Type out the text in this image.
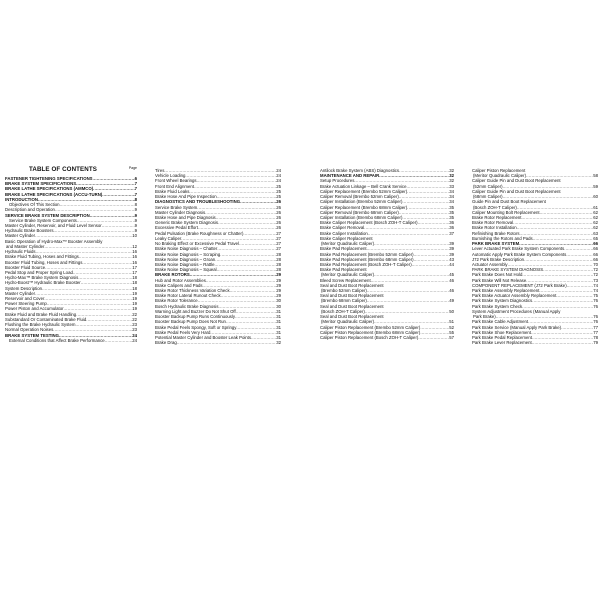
TABLE OF CONTENTS	Page
FASTENER TIGHTENING SPECIFICATIONS .....	6
BRAKE SYSTEM SPECIFICATIONS .....	7
BRAKE LATHE SPECIFICATIONS (AMMCO) .....	7
BRAKE LATHE SPECIFICATIONS (ACCU-TURN) .....	7
INTRODUCTION .....	8
Objectives Of This Section .....	8
Description and Operation .....	9
SERVICE BRAKE SYSTEM DESCRIPTION .....	9
Service Brake System Components .....	9
Master Cylinder, Reservoir, and Fluid Level Sensor .....	9
Hydraulic Brake Boosters .....	9
Master Cylinder .....	10
Basic Operation of Hydro-Max™ Booster Assembly
and Master Cylinder .....	12
Hydraulic Fluids .....	16
Brake Fluid Tubing, Hoses and Fittings .....	16
Booster Fluid Tubing, Hoses and Fittings .....	16
Booster Fluid Source .....	17
Pedal Stop and Proper Spring Load .....	17
Hydro-Max™ Brake System Diagnosis .....	18
Hydro-Boost™ Hydraulic Brake Booster .....	18
System Description .....	18
Master Cylinder .....	19
Reservoir and Cover .....	19
Power Steering Pump .....	19
Power Piston and Accumulator .....	19
Brake Fluid and Brake Fluid Handling .....	22
Substandard Or Contaminated Brake Fluid .....	22
Flushing the Brake Hydraulic System .....	23
Normal Operation Noises .....	23
BRAKE SYSTEM TESTING .....	24
External Conditions that Affect Brake Performance .....	24
Tires .....	24
Vehicle Loading .....	24
Front Wheel Bearings .....	24
Front End Alignment .....	25
Brake Fluid Leaks .....	25
Brake Hose And Pipe Inspection .....	25
DIAGNOSTICS AND TROUBLESHOOTING .....	26
Service Brake System .....	26
Master Cylinder Diagnosis .....	26
Brake Hose and Pipe Diagnosis .....	26
Generic Brake System Diagnosis .....	26
Excessive Pedal Effort .....	26
Pedal Pulsation (Brake Roughness or Chatter) .....	27
Leaky Caliper .....	27
No Braking Effect or Excessive Pedal Travel .....	27
Brake Noise Diagnosis – Chatter .....	27
Brake Noise Diagnosis – Scraping .....	28
Brake Noise Diagnosis – Groan .....	28
Brake Noise Diagnosis – Rattle .....	28
Brake Noise Diagnosis – Squeal .....	28
BRAKE ROTORS .....	29
Hub and Rotor Assemblies .....	29
Brake Calipers and Pads .....	29
Brake Rotor Thickness Variation Check .....	29
Brake Rotor Lateral Runout Check .....	29
Brake Rotor Tolerance .....	30
Bosch Hydraulic Brake Diagnosis .....	30
Warning Light and Buzzer Do Not Shut Off .....	31
Booster Backup Pump Runs Continuously .....	31
Booster Backup Pump Does Not Run .....	31
Brake Pedal Feels Spongy, Soft or Springy .....	31
Brake Pedal Feels Very Hard .....	31
Potential Master Cylinder and Booster Leak Points .....	31
Brake Drag .....	32
Antilock Brake System (ABS) Diagnostics .....	32
MAINTENANCE AND REPAIR .....	32
Setup Procedures .....	32
Brake Actuation Linkage – Bell Crank Service .....	33
Caliper Replacement (Brembo 52mm Caliper) .....	34
Caliper Removal (Brembo 52mm Caliper) .....	34
Caliper Installation (Brembo 52mm Caliper) .....	34
Caliper Replacement (Brembo 68mm Caliper) .....	35
Caliper Removal (Brembo 68mm Caliper) .....	35
Caliper Installation (Brembo 68mm Caliper) .....	35
Brake Caliper Replacement (Bosch ZOH-T Caliper) .....	36
Brake Caliper Removal .....	36
Brake Caliper Installation .....	37
Brake Caliper Replacement
(Meritor Quadraulic Caliper) .....	39
Brake Pad Replacement .....	39
Brake Pad Replacement (Brembo 52mm Caliper) .....	39
Brake Pad Replacement (Brembo 68mm Caliper) .....	43
Brake Pad Replacement (Bosch ZOH-T Caliper) .....	44
Brake Pad Replacement
(Meritor Quadraulic Caliper) .....	45
Bleed Screw Replacement .....	46
Seal and Dust Boot Replacement
(Brembo 52mm Caliper) .....	46
Seal and Dust Boot Replacement
(Brembo 68mm Caliper) .....	49
Seal and Dust Boot Replacement
(Bosch ZOH-T Caliper) .....	50
Seal and Dust Boot Replacement
(Meritor Quadraulic Caliper) .....	51
Caliper Piston Replacement (Brembo 52mm Caliper) .....	52
Caliper Piston Replacement (Brembo 68mm Caliper) .....	55
Caliper Piston Replacement (Bosch ZOH-T Caliper) .....	57
Caliper Piston Replacement
(Meritor Quadraulic Caliper) .....	58
Caliper Guide Pin and Dust Boot Replacement
(52mm Caliper) .....	59
Caliper Guide Pin and Dust Boot Replacement
(68mm Caliper) .....	60
Guide Pin and Dust Boot Replacement
(Bosch ZOH-T Caliper) .....	61
Caliper Mounting Bolt Replacement .....	62
Brake Rotor Replacement .....	62
Brake Rotor Removal .....	62
Brake Rotor Installation .....	62
Refinishing Brake Rotors .....	63
Burnishing the Rotors and Pads .....	65
PARK BRAKE SYSTEM .....	66
Lever Actuated Park Brake System Components .....	66
Automatic Apply Park Brake System Components .....	66
J72 Park Brake Description .....	66
Actuator Assembly .....	70
PARK BRAKE SYSTEM DIAGNOSIS .....	72
Park Brake Does Not Hold .....	72
Park Brake Will Not Release .....	73
COMPONENT REPLACEMENT (J72 Park Brake) .....	74
Park Brake Assembly Replacement .....	74
Park Brake Actuator Assembly Replacement .....	75
Park Brake System Diagnostics .....	76
Park Brake System Check .....	76
System Adjustment Procedures (Manual Apply
Park Brake) .....	76
Park Brake Cable Adjustment .....	76
Park Brake Service (Manual Apply Park Brake) .....	77
Park Brake Shoe Replacement .....	77
Park Brake Pedal Replacement .....	78
Park Brake Lever Replacement .....	79
